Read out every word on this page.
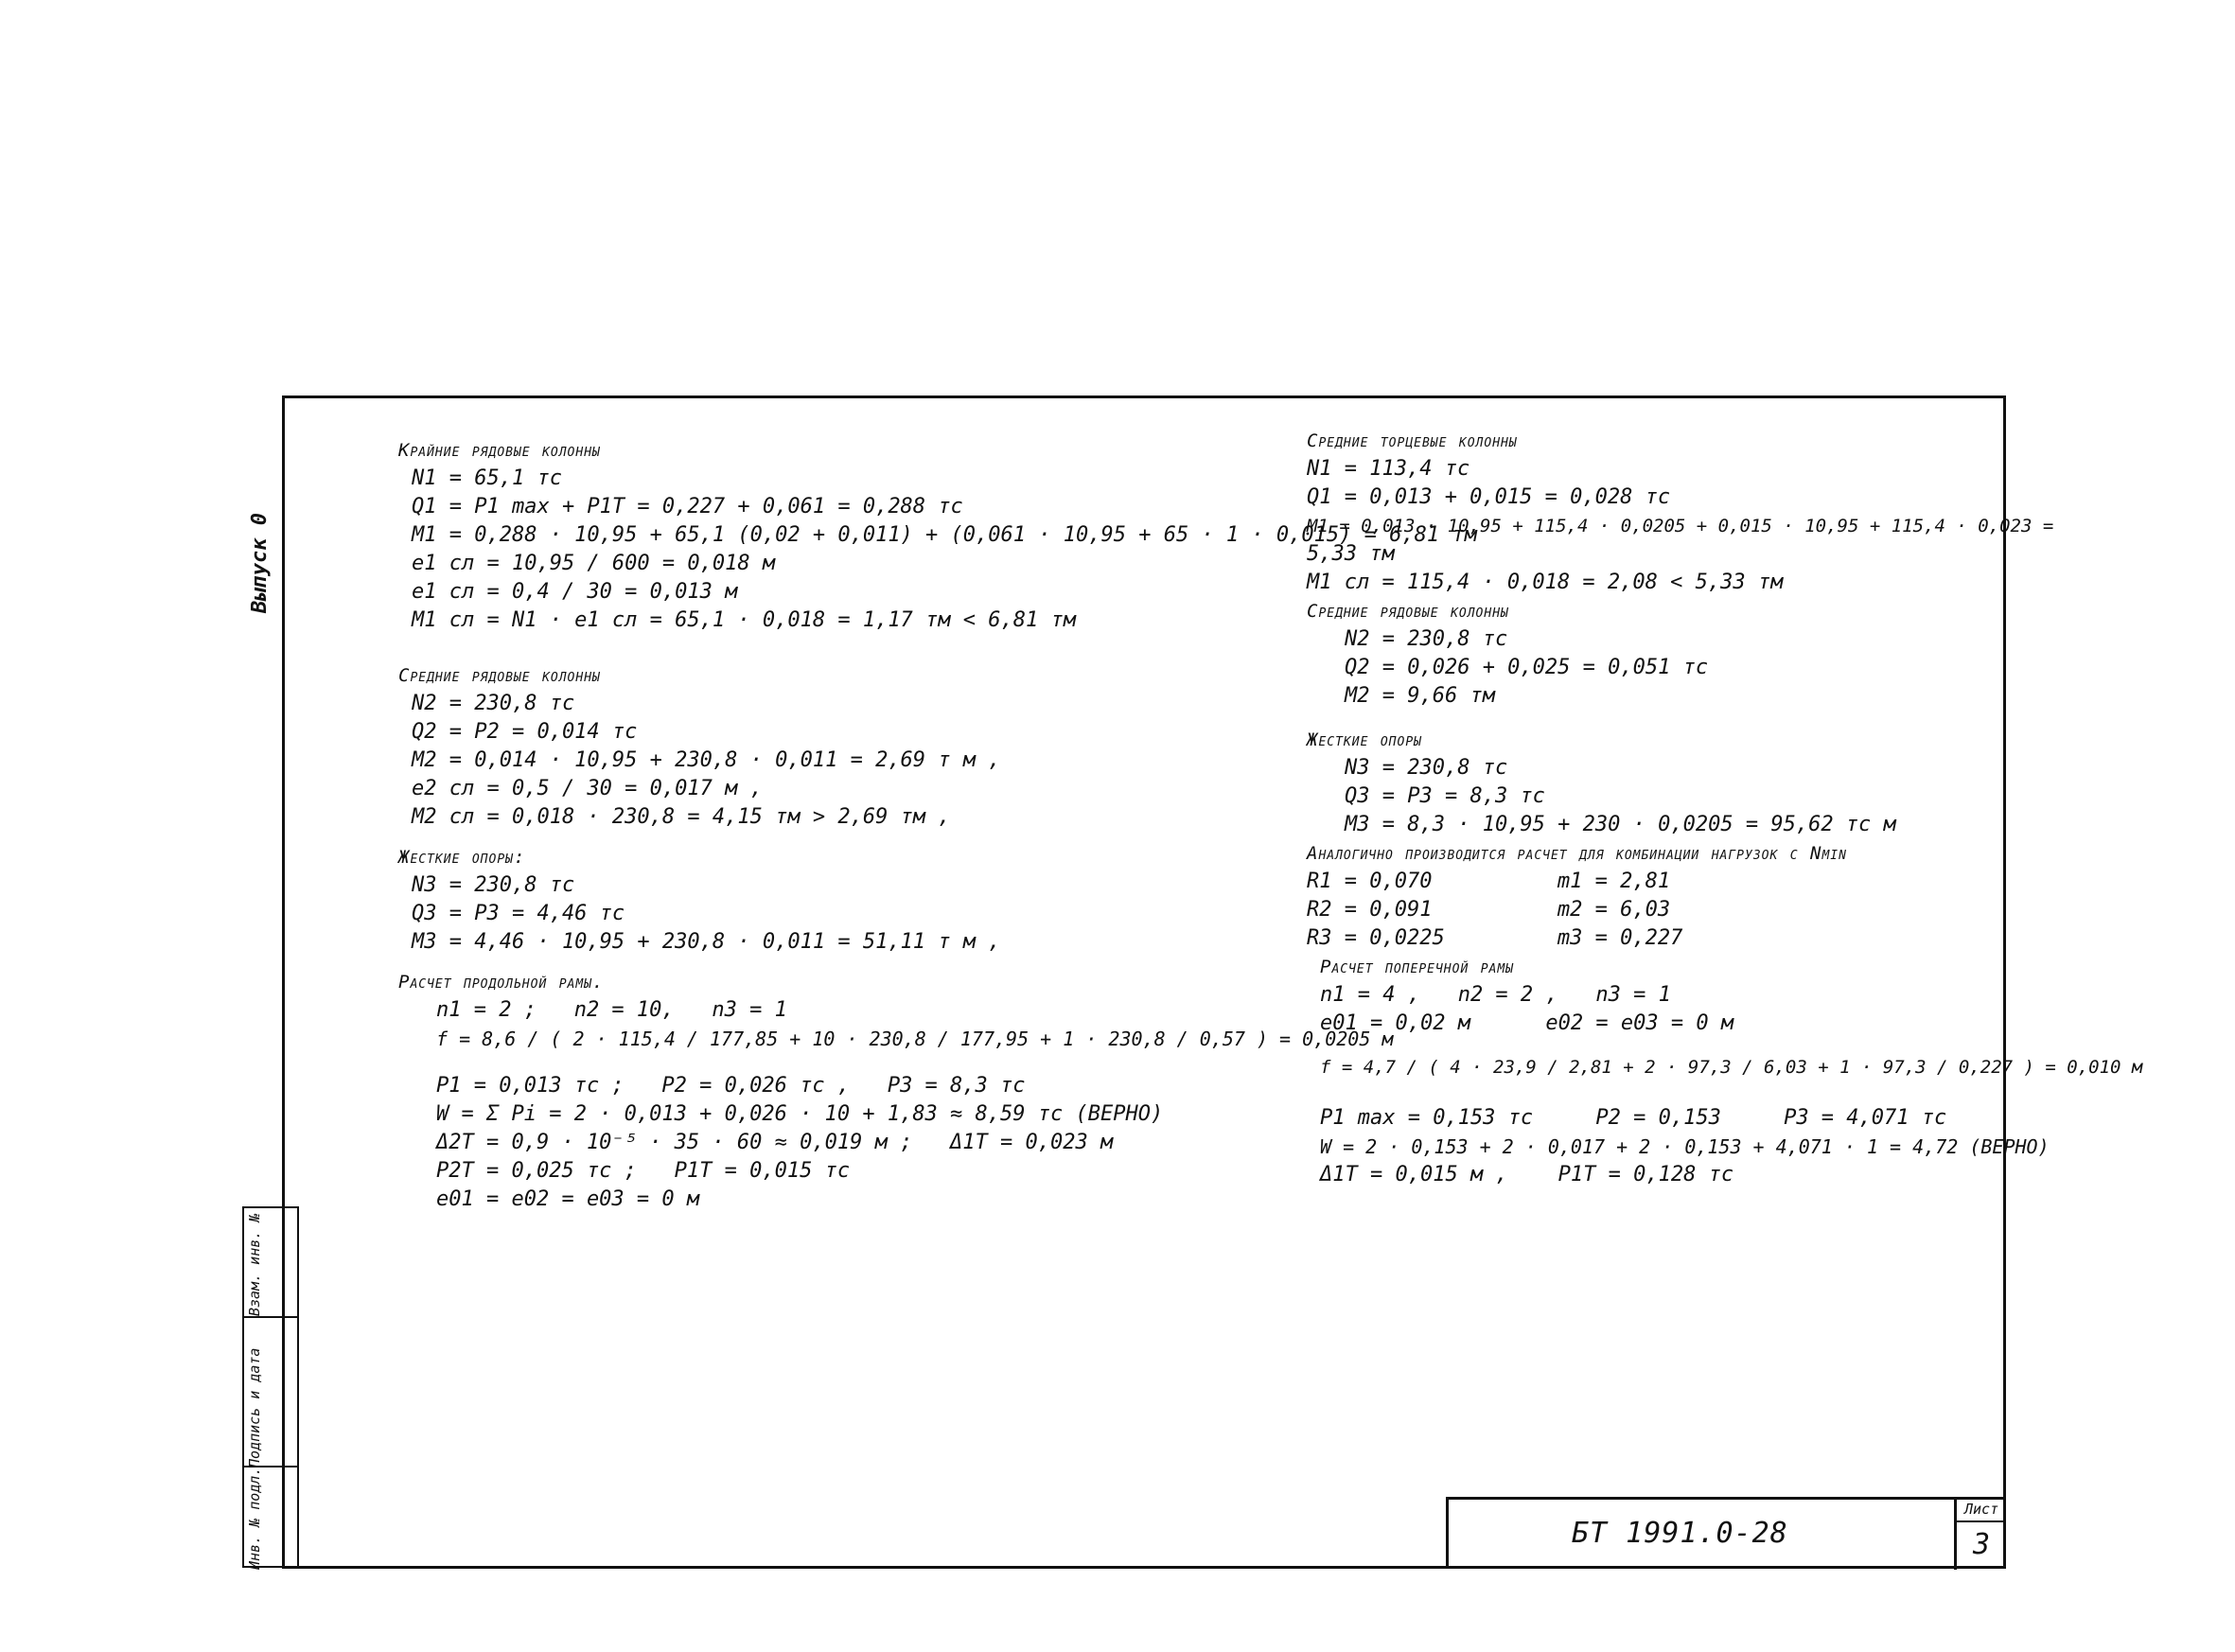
Выпуск 0
Крайние рядовые колонны
N1 = 65,1 тс
Q1 = P1 max + P1T = 0,227 + 0,061 = 0,288 тс
M1 = 0,288 · 10,95 + 65,1 (0,02 + 0,011) + (0,061 · 10,95 + 65 · 1 · 0,015) = 6,81 тм
e1 сл = 10,95 / 600 = 0,018 м
e1 сл = 0,4 / 30 = 0,013 м
M1 сл = N1 · e1 сл = 65,1 · 0,018 = 1,17 тм < 6,81 тм
Средние рядовые колонны
N2 = 230,8 тс
Q2 = P2 = 0,014 тс
M2 = 0,014 · 10,95 + 230,8 · 0,011 = 2,69 т м ,
e2 сл = 0,5 / 30 = 0,017 м ,
M2 сл = 0,018 · 230,8 = 4,15 тм > 2,69 тм ,
Жесткие опоры:
N3 = 230,8 тс
Q3 = P3 = 4,46 тс
M3 = 4,46 · 10,95 + 230,8 · 0,011 = 51,11 т м ,
Расчет продольной рамы.
n1 = 2 ;   n2 = 10,   n3 = 1
f = 8,6 / ( 2 · 115,4 / 177,85 + 10 · 230,8 / 177,95 + 1 · 230,8 / 0,57 ) = 0,0205 м
P1 = 0,013 тс ;   P2 = 0,026 тс ,   P3 = 8,3 тс
W = Σ Pi = 2 · 0,013 + 0,026 · 10 + 1,83 ≈ 8,59 тс (ВЕРНО)
Δ2T = 0,9 · 10⁻⁵ · 35 · 60 ≈ 0,019 м ;   Δ1T = 0,023 м
P2T = 0,025 тс ;   P1T = 0,015 тс
e01 = e02 = e03 = 0 м
Средние торцевые колонны
N1 = 113,4 тс
Q1 = 0,013 + 0,015 = 0,028 тс
M1 = 0,013 · 10,95 + 115,4 · 0,0205 + 0,015 · 10,95 + 115,4 · 0,023 =
5,33 тм
M1 сл = 115,4 · 0,018 = 2,08 < 5,33 тм
Средние рядовые колонны
N2 = 230,8 тс
Q2 = 0,026 + 0,025 = 0,051 тс
M2 = 9,66 тм
Жесткие опоры
N3 = 230,8 тс
Q3 = P3 = 8,3 тс
M3 = 8,3 · 10,95 + 230 · 0,0205 = 95,62 тс м
Аналогично производится расчет для комбинации нагрузок с Nmin
R1 = 0,070          m1 = 2,81
R2 = 0,091          m2 = 6,03
R3 = 0,0225         m3 = 0,227
Расчет поперечной рамы
n1 = 4 ,   n2 = 2 ,   n3 = 1
e01 = 0,02 м      e02 = e03 = 0 м
f = 4,7 / ( 4 · 23,9 / 2,81 + 2 · 97,3 / 6,03 + 1 · 97,3 / 0,227 ) = 0,010 м
P1 max = 0,153 тс     P2 = 0,153     P3 = 4,071 тс
W = 2 · 0,153 + 2 · 0,017 + 2 · 0,153 + 4,071 · 1 = 4,72 (ВЕРНО)
Δ1T = 0,015 м ,    P1T = 0,128 тс
Взам. инв. №
Подпись и дата
Инв. № подл.	БТ 1991.0-28
Лист
3
